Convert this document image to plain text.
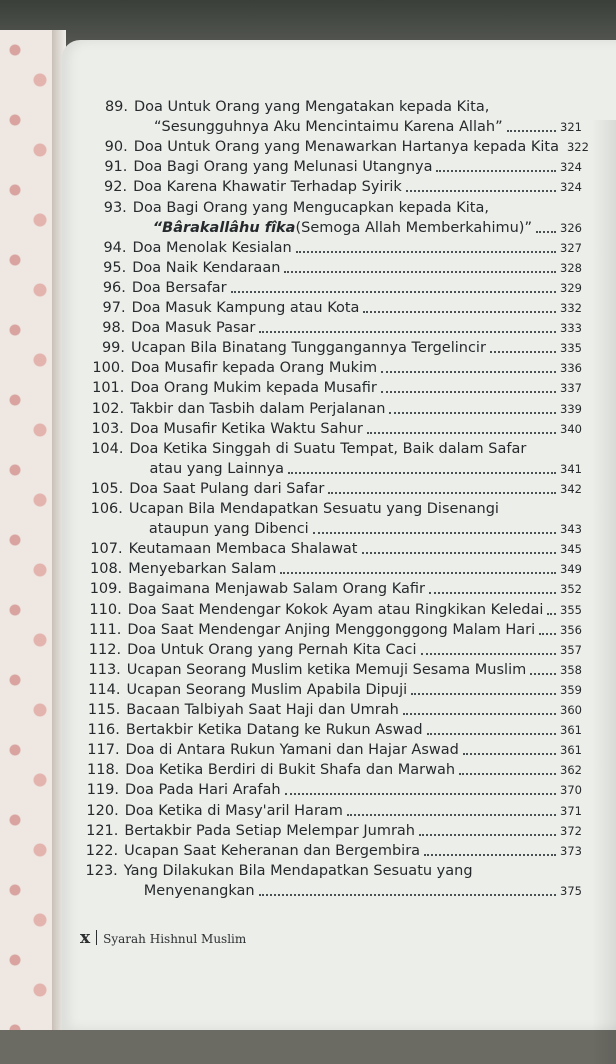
89. Doa Untuk Orang yang Mengatakan kepada Kita,
“Sesungguhnya Aku Mencintaimu Karena Allah”	321
90. Doa Untuk Orang yang Menawarkan Hartanya kepada Kita 322
91. Doa Bagi Orang yang Melunasi Utangnya	324
92. Doa Karena Khawatir Terhadap Syirik	324
93. Doa Bagi Orang yang Mengucapkan kepada Kita,
“Bârakallâhu fîka (Semoga Allah Memberkahimu)” 326
94. Doa Menolak Kesialan	327
95. Doa Naik Kendaraan	328
96. Doa Bersafar	329
97. Doa Masuk Kampung atau Kota	332
98. Doa Masuk Pasar	333
99. Ucapan Bila Binatang Tunggangannya Tergelincir	335
100. Doa Musafir kepada Orang Mukim	336
101. Doa Orang Mukim kepada Musafir	337
102. Takbir dan Tasbih dalam Perjalanan	339
103. Doa Musafir Ketika Waktu Sahur	340
104. Doa Ketika Singgah di Suatu Tempat, Baik dalam Safar
atau yang Lainnya	341
105. Doa Saat Pulang dari Safar	342
106. Ucapan Bila Mendapatkan Sesuatu yang Disenangi
ataupun yang Dibenci	343
107. Keutamaan Membaca Shalawat	345
108. Menyebarkan Salam	349
109. Bagaimana Menjawab Salam Orang Kafir	352
110. Doa Saat Mendengar Kokok Ayam atau Ringkikan Keledai 355
111. Doa Saat Mendengar Anjing Menggonggong Malam Hari 356
112. Doa Untuk Orang yang Pernah Kita Caci	357
113. Ucapan Seorang Muslim ketika Memuji Sesama Muslim	358
114. Ucapan Seorang Muslim Apabila Dipuji	359
115. Bacaan Talbiyah Saat Haji dan Umrah	360
116. Bertakbir Ketika Datang ke Rukun Aswad	361
117. Doa di Antara Rukun Yamani dan Hajar Aswad	361
118. Doa Ketika Berdiri di Bukit Shafa dan Marwah	362
119. Doa Pada Hari Arafah	370
120. Doa Ketika di Masy'aril Haram	371
121. Bertakbir Pada Setiap Melempar Jumrah	372
122. Ucapan Saat Keheranan dan Bergembira	373
123. Yang Dilakukan Bila Mendapatkan Sesuatu yang
Menyenangkan	375
x Syarah Hishnul Muslim
